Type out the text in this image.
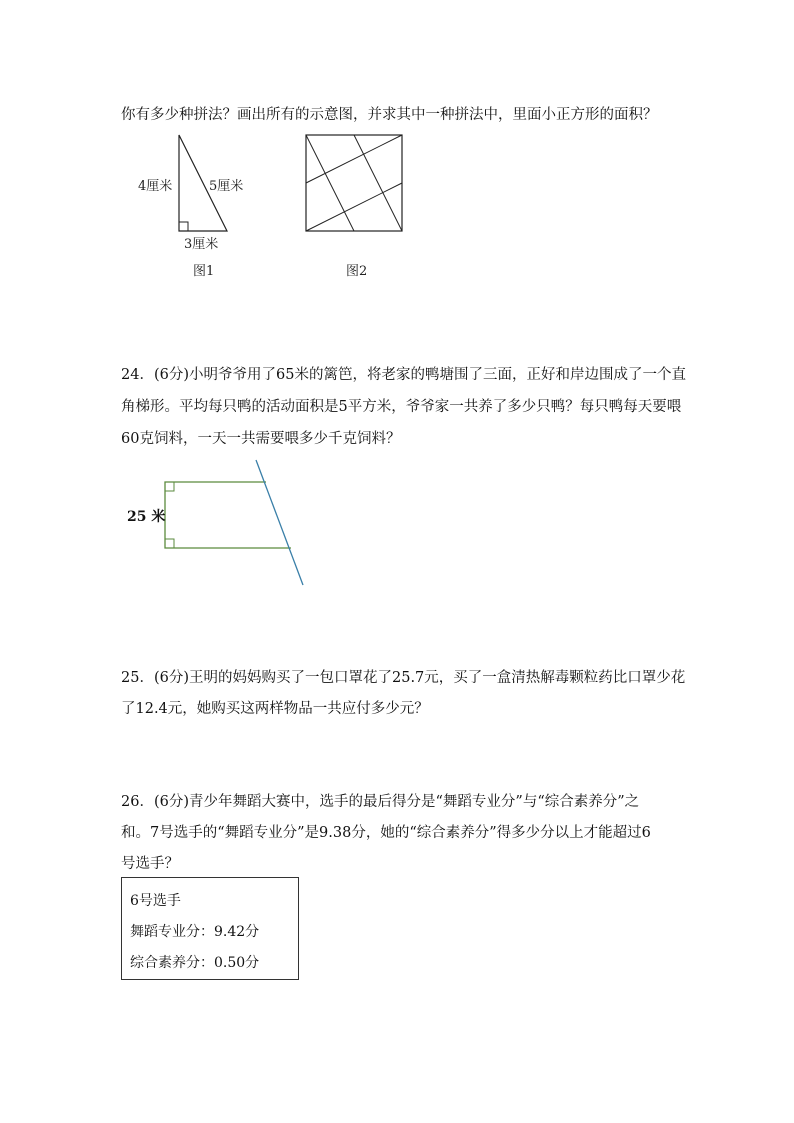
你有多少种拼法？画出所有的示意图，并求其中一种拼法中，里面小正方形的面积？
4厘米	5厘米
3厘米
图1	图2
24．(6分)小明爷爷用了65米的篱笆，将老家的鸭塘围了三面，正好和岸边围成了一个直
角梯形。平均每只鸭的活动面积是5平方米，爷爷家一共养了多少只鸭？每只鸭每天要喂
60克饲料，一天一共需要喂多少千克饲料？
25 米
25．(6分)王明的妈妈购买了一包口罩花了25.7元，买了一盒清热解毒颗粒药比口罩少花
了12.4元，她购买这两样物品一共应付多少元？
26．(6分)青少年舞蹈大赛中，选手的最后得分是“舞蹈专业分”与“综合素养分”之
和。7号选手的“舞蹈专业分”是9.38分，她的“综合素养分”得多少分以上才能超过6
号选手？
6号选手
舞蹈专业分：9.42分
综合素养分：0.50分
